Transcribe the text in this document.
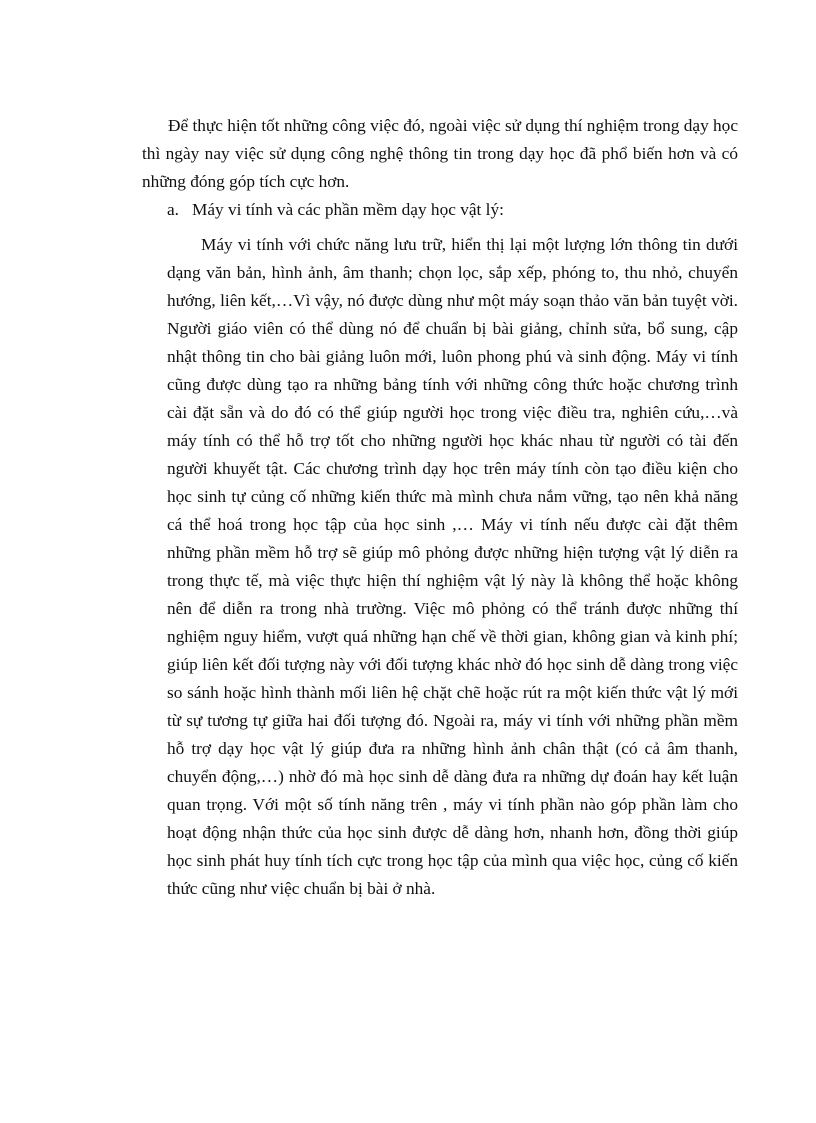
Để thực hiện tốt những công việc đó, ngoài việc sử dụng thí nghiệm trong dạy học thì ngày nay việc sử dụng công nghệ thông tin trong dạy học đã phổ biến hơn và có những đóng góp tích cực hơn.

a.   Máy vi tính và các phần mềm dạy học vật lý:

Máy vi tính với chức năng lưu trữ, hiển thị lại một lượng lớn thông tin dưới dạng văn bản, hình ảnh, âm thanh; chọn lọc, sắp xếp, phóng to, thu nhỏ, chuyển hướng, liên kết,…Vì vậy, nó được dùng như một máy soạn thảo văn bản tuyệt vời. Người giáo viên có thể dùng nó để chuẩn bị bài giảng, chỉnh sửa, bổ sung, cập nhật thông tin cho bài giảng luôn mới, luôn phong phú và sinh động. Máy vi tính cũng được dùng tạo ra những bảng tính với những công thức hoặc chương trình cài đặt sẵn và do đó có thể giúp người học trong việc điều tra, nghiên cứu,…và máy tính có thể hỗ trợ tốt cho những người học khác nhau từ người có tài đến người khuyết tật. Các chương trình dạy học trên máy tính còn tạo điều kiện cho học sinh tự củng cố những kiến thức mà mình chưa nắm vững, tạo nên khả năng cá thể hoá trong học tập của học sinh ,… Máy vi tính nếu được cài đặt thêm những phần mềm hỗ trợ sẽ giúp mô phỏng được những hiện tượng vật lý diễn ra trong thực tế, mà việc thực hiện thí nghiệm vật lý này là không thể hoặc không nên để diễn ra trong nhà trường. Việc mô phỏng có thể tránh được những thí nghiệm nguy hiểm, vượt quá những hạn chế về thời gian, không gian và kinh phí; giúp liên kết đối tượng này với đối tượng khác nhờ đó học sinh dễ dàng trong việc so sánh hoặc hình thành mối liên hệ chặt chẽ hoặc rút ra một kiến thức vật lý mới từ sự tương tự giữa hai đối tượng đó. Ngoài ra, máy vi tính với những phần mềm hỗ trợ dạy học vật lý giúp đưa ra những hình ảnh chân thật (có cả âm thanh, chuyển động,…) nhờ đó mà học sinh dễ dàng đưa ra những dự đoán hay kết luận quan trọng. Với một số tính năng trên , máy vi tính phần nào góp phần làm cho hoạt động nhận thức của học sinh được dễ dàng hơn, nhanh hơn, đồng thời giúp học sinh phát huy tính tích cực trong học tập của mình qua việc học, củng cố kiến thức cũng như việc chuẩn bị bài ở nhà.
